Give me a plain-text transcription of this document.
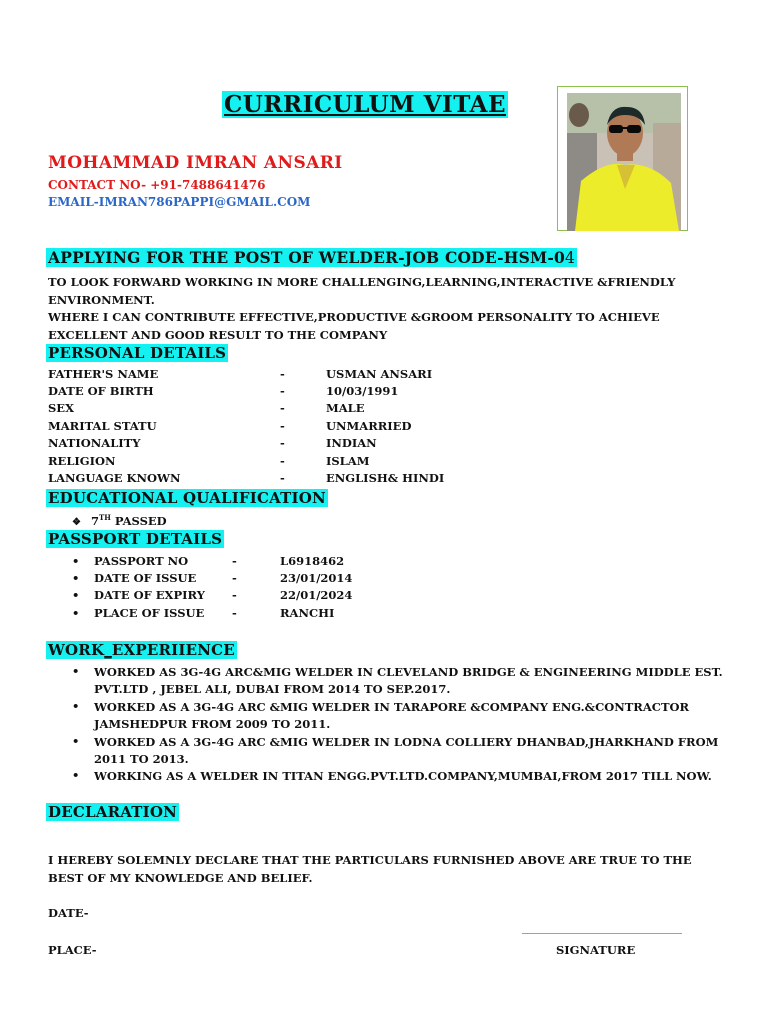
CURRICULUM VITAE
MOHAMMAD IMRAN ANSARI
CONTACT NO- +91-7488641476
EMAIL-IMRAN786PAPPI@GMAIL.COM
APPLYING FOR THE POST OF WELDER-JOB CODE-HSM-04
TO LOOK FORWARD WORKING IN MORE CHALLENGING,LEARNING,INTERACTIVE &FRIENDLY
ENVIRONMENT.
WHERE I CAN CONTRIBUTE EFFECTIVE,PRODUCTIVE &GROOM PERSONALITY TO ACHIEVE
EXCELLENT AND GOOD RESULT TO THE COMPANY
PERSONAL DETAILS
FATHER'S NAME	-	USMAN ANSARI
DATE OF BIRTH	-	10/03/1991
SEX	-	MALE
MARITAL STATU	-	UNMARRIED
NATIONALITY	-	INDIAN
RELIGION	-	ISLAM
LANGUAGE KNOWN	-	ENGLISH& HINDI
EDUCATIONAL QUALIFICATION
❖ 7TH PASSED
PASSPORT DETAILS
• PASSPORT NO	-	L6918462
• DATE OF ISSUE	-	23/01/2014
• DATE OF EXPIRY -	22/01/2024
• PLACE OF ISSUE -	RANCHI
WORK_EXPERIIENCE
• WORKED AS 3G-4G ARC&MIG WELDER IN CLEVELAND BRIDGE & ENGINEERING MIDDLE EST.
PVT.LTD , JEBEL ALI, DUBAI FROM 2014 TO SEP.2017.
• WORKED AS A 3G-4G ARC &MIG WELDER IN TARAPORE &COMPANY ENG.&CONTRACTOR
JAMSHEDPUR FROM 2009 TO 2011.
• WORKED AS A 3G-4G ARC &MIG WELDER IN LODNA COLLIERY DHANBAD,JHARKHAND FROM
2011 TO 2013.
• WORKING AS A WELDER IN TITAN ENGG.PVT.LTD.COMPANY,MUMBAI,FROM 2017 TILL NOW.
DECLARATION
I HEREBY SOLEMNLY DECLARE THAT THE PARTICULARS FURNISHED ABOVE ARE TRUE TO THE
BEST OF MY KNOWLEDGE AND BELIEF.
DATE-
PLACE-	SIGNATURE
